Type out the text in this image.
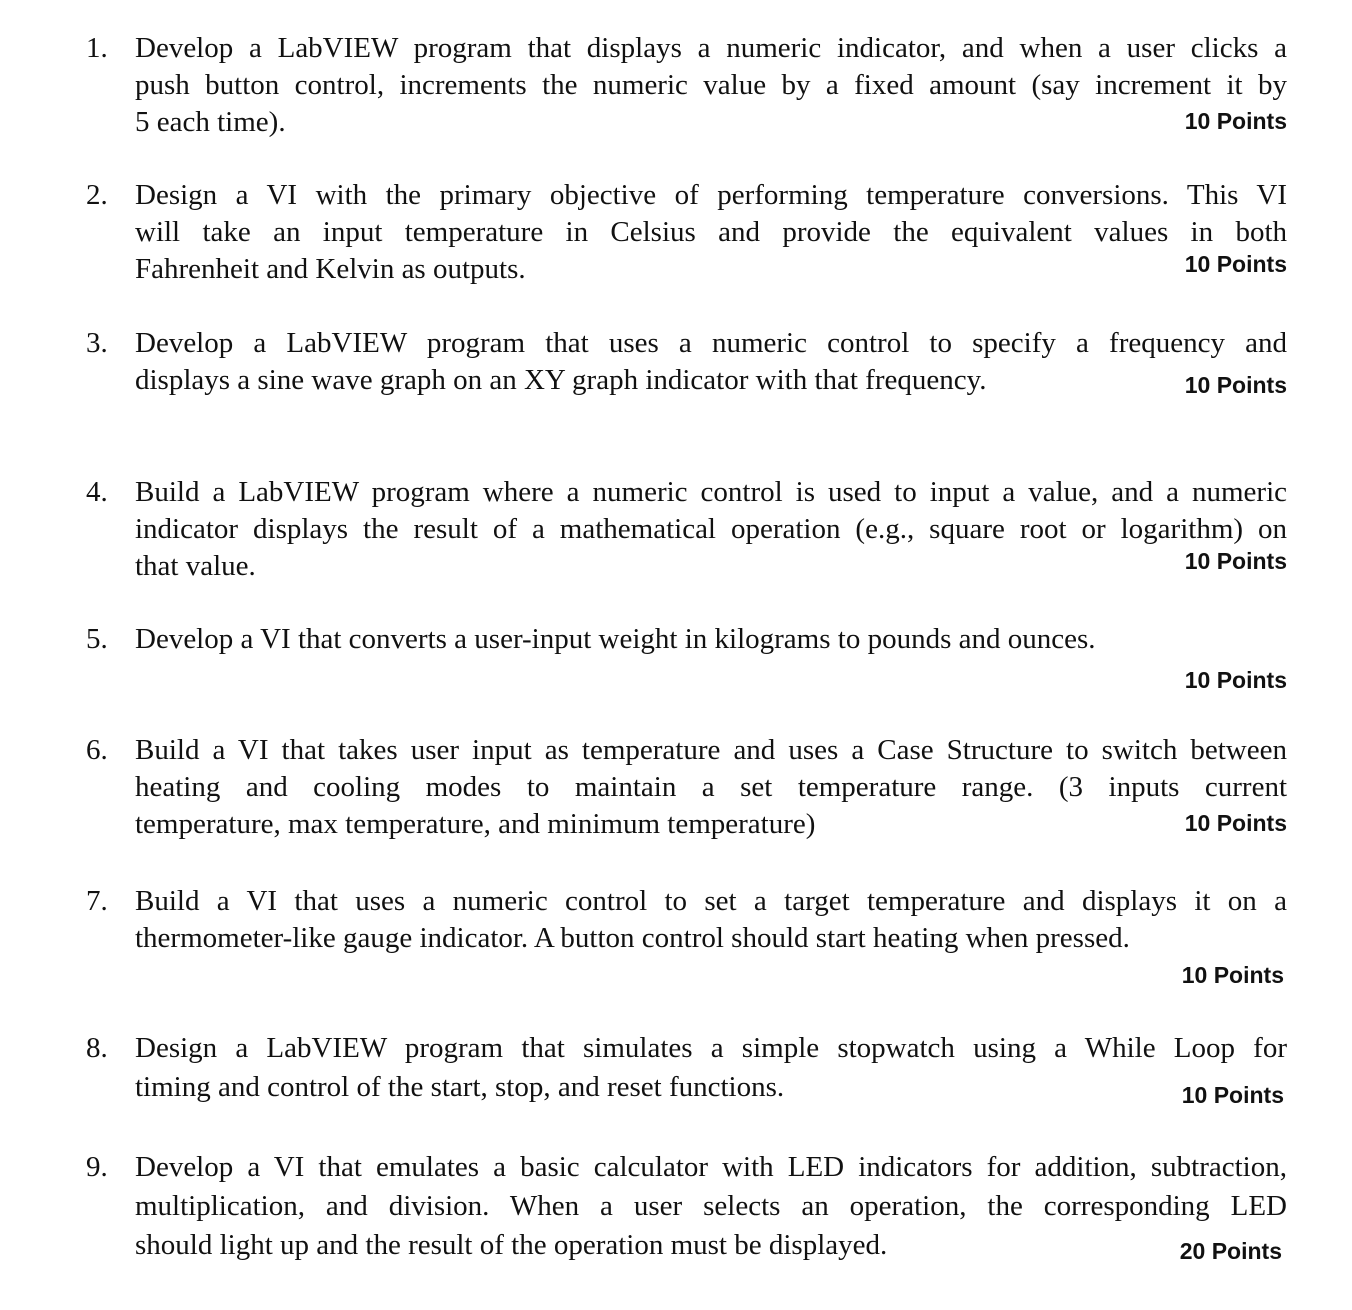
1. Develop a LabVIEW program that displays a numeric indicator, and when a user clicks a
push button control, increments the numeric value by a fixed amount (say increment it by
5 each time).	10 Points
2. Design a VI with the primary objective of performing temperature conversions. This VI
will take an input temperature in Celsius and provide the equivalent values in both
Fahrenheit and Kelvin as outputs.	10 Points
3. Develop a LabVIEW program that uses a numeric control to specify a frequency and
displays a sine wave graph on an XY graph indicator with that frequency.	10 Points
4. Build a LabVIEW program where a numeric control is used to input a value, and a numeric
indicator displays the result of a mathematical operation (e.g., square root or logarithm) on
that value.	10 Points
5. Develop a VI that converts a user-input weight in kilograms to pounds and ounces.
10 Points
6. Build a VI that takes user input as temperature and uses a Case Structure to switch between
heating and cooling modes to maintain a set temperature range. (3 inputs current
temperature, max temperature, and minimum temperature)	10 Points
7. Build a VI that uses a numeric control to set a target temperature and displays it on a
thermometer-like gauge indicator. A button control should start heating when pressed.
10 Points
8. Design a LabVIEW program that simulates a simple stopwatch using a While Loop for
timing and control of the start, stop, and reset functions.	10 Points
9. Develop a VI that emulates a basic calculator with LED indicators for addition, subtraction,
multiplication, and division. When a user selects an operation, the corresponding LED
should light up and the result of the operation must be displayed.	20 Points
